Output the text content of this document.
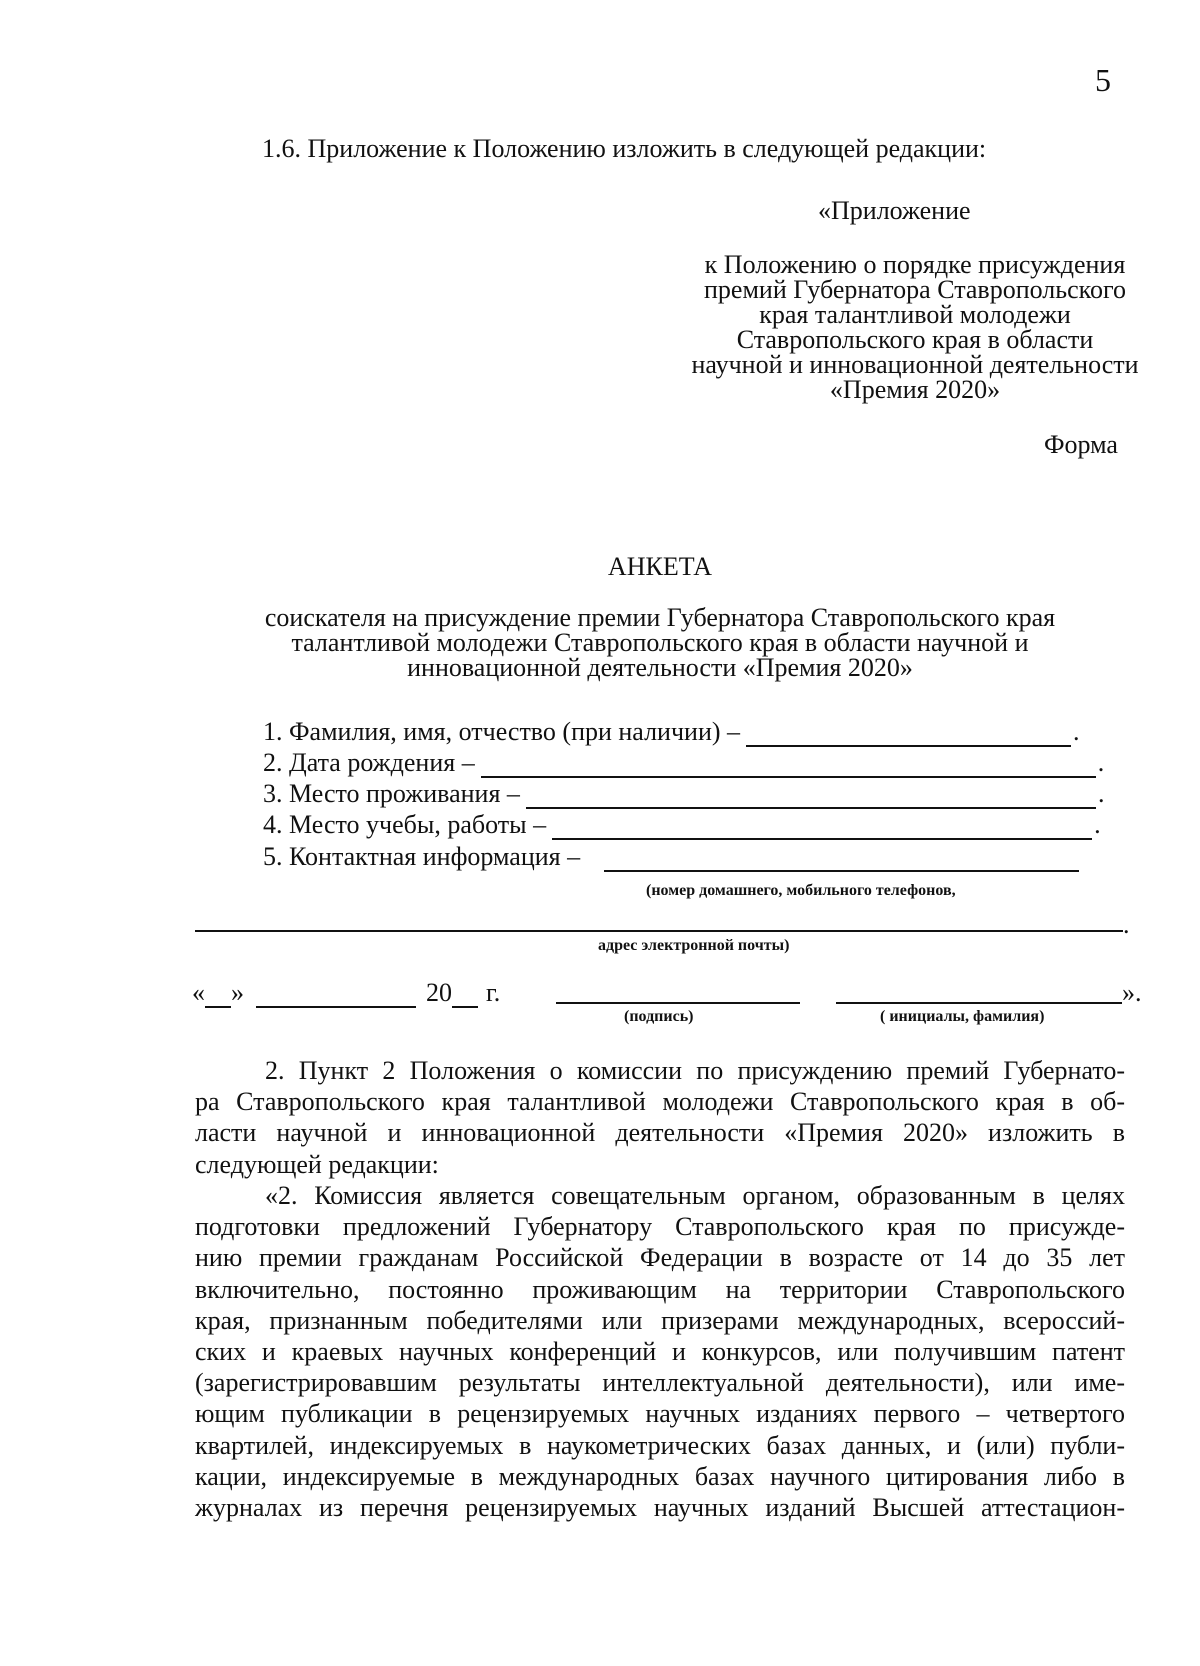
5
1.6. Приложение к Положению изложить в следующей редакции:
«Приложение
к Положению о порядке присуждения премий Губернатора Ставропольского края талантливой молодежи Ставропольского края в области научной и инновационной деятельности «Премия 2020»
Форма
АНКЕТА
соискателя на присуждение премии Губернатора Ставропольского края талантливой молодежи Ставропольского края в области научной и инновационной деятельности «Премия 2020»
1. Фамилия, имя, отчество (при наличии) –	.
2. Дата рождения –	.
3. Место проживания –	.
4. Место учебы, работы –	.
5. Контактная информация –
(номер домашнего, мобильного телефонов,
.
адрес электронной почты)
« »	20 г.	».
(подпись)	( инициалы, фамилия)
2. Пункт 2 Положения о комиссии по присуждению премий Губернато-
ра Ставропольского края талантливой молодежи Ставропольского края в об-
ласти научной и инновационной деятельности «Премия 2020» изложить в
следующей редакции:
«2. Комиссия является совещательным органом, образованным в целях
подготовки предложений Губернатору Ставропольского края по присужде-
нию премии гражданам Российской Федерации в возрасте от 14 до 35 лет
включительно, постоянно проживающим на территории Ставропольского
края, признанным победителями или призерами международных, всероссий-
ских и краевых научных конференций и конкурсов, или получившим патент
(зарегистрировавшим результаты интеллектуальной деятельности), или име-
ющим публикации в рецензируемых научных изданиях первого – четвертого
квартилей, индексируемых в наукометрических базах данных, и (или) публи-
кации, индексируемые в международных базах научного цитирования либо в
журналах из перечня рецензируемых научных изданий Высшей аттестацион-
